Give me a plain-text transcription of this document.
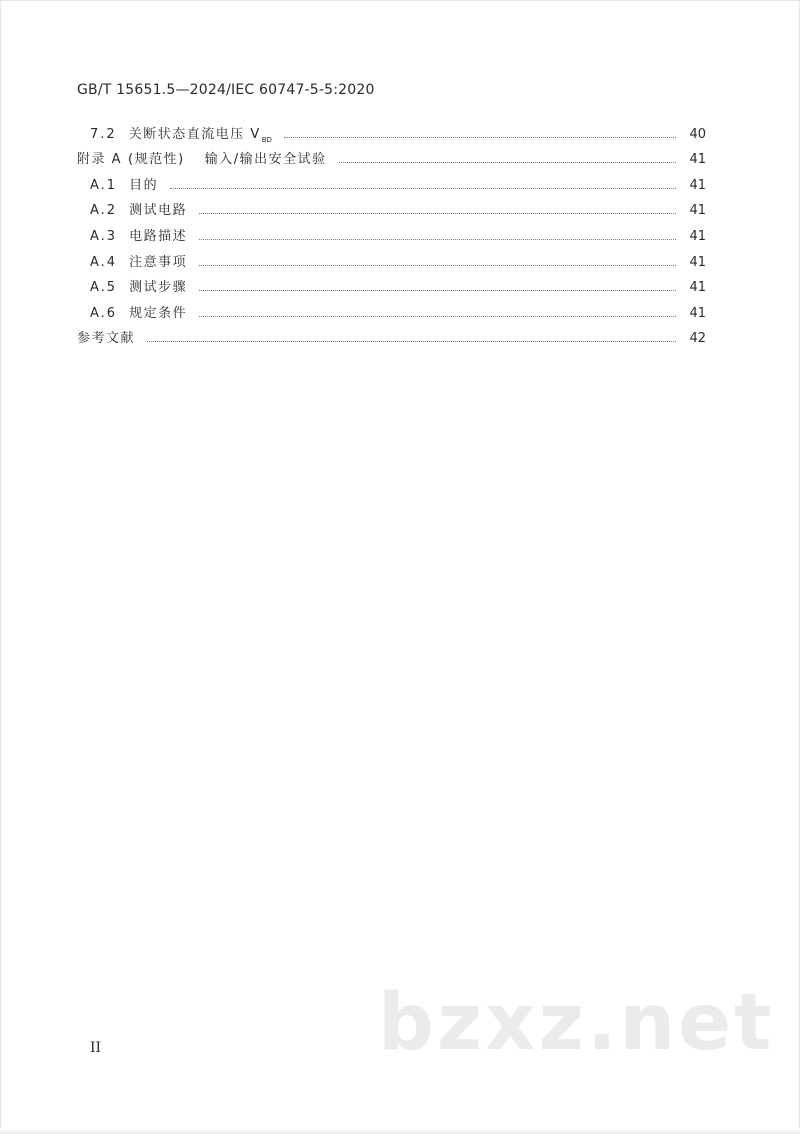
GB/T 15651.5—2024/IEC 60747-5-5:2020
7.2 关断状态直流电压 V BD	40
附录 A (规范性) 输入/输出安全试验	41
A.1 目的	41
A.2 测试电路	41
A.3 电路描述	41
A.4 注意事项	41
A.5 测试步骤	41
A.6 规定条件	41
参考文献	42
II	bzxz.net
